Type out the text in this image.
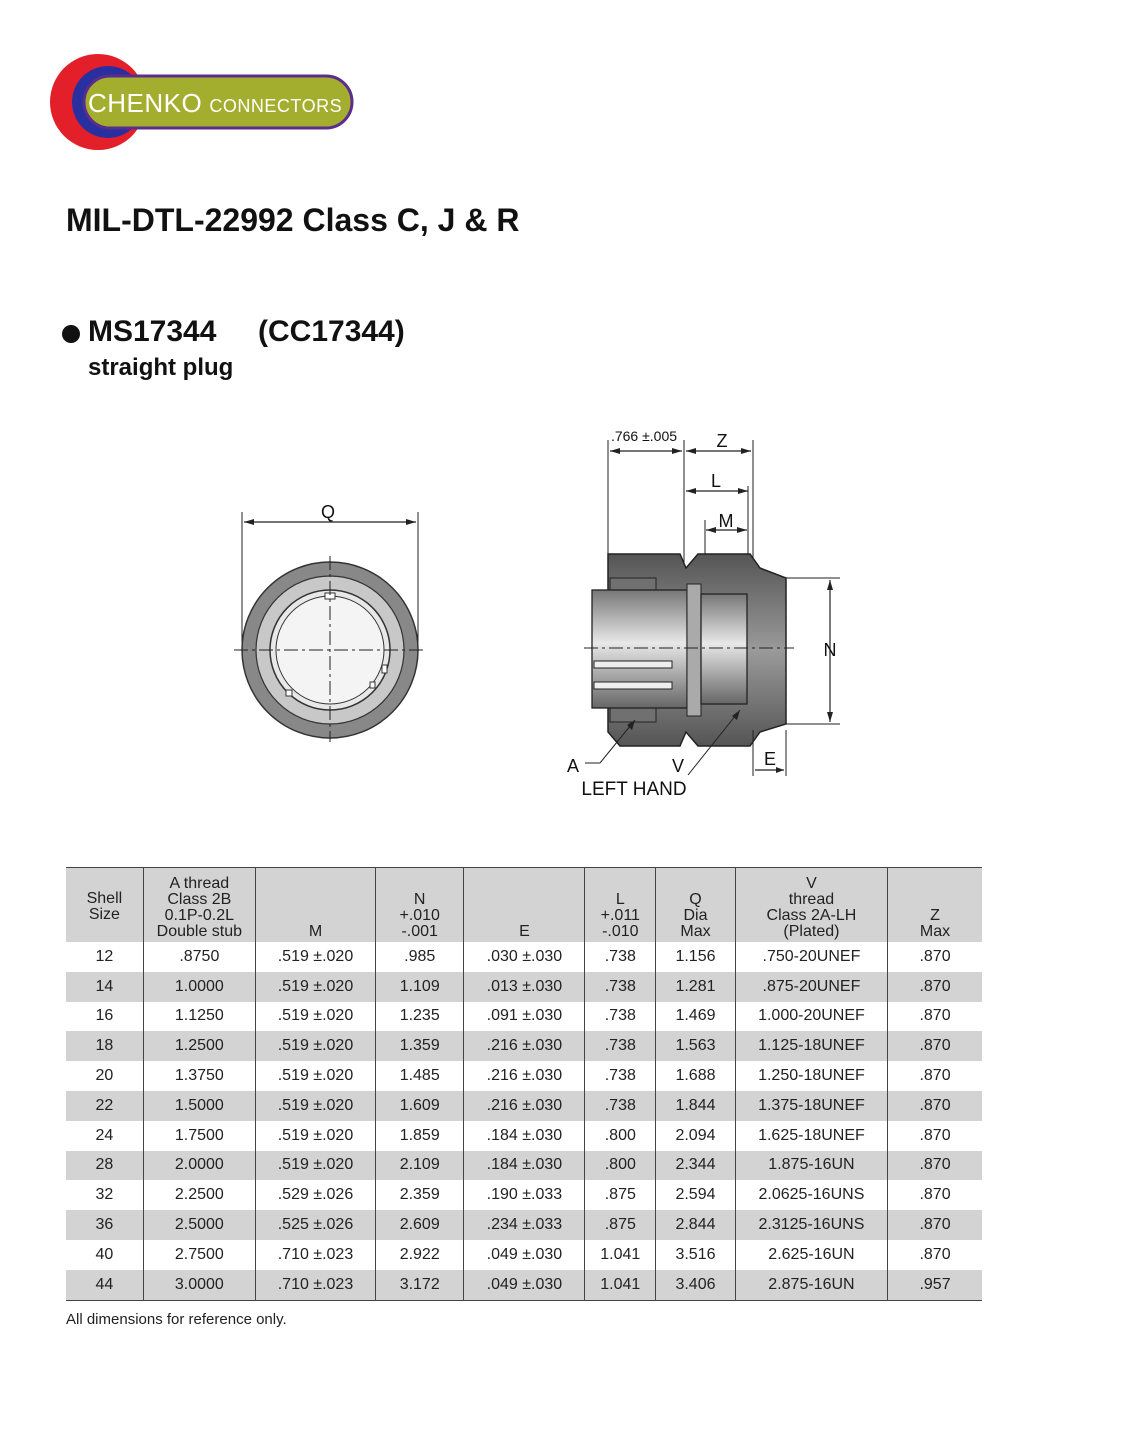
CHENKO CONNECTORS
MIL-DTL-22992 Class C, J & R
MS17344 (CC17344)
straight plug
Q
.766 ±.005 Z
L
M
N
E
A	V
LEFT HAND
Shell
Size	A thread
Class 2B
0.1P-0.2L
Double stub	M	N
+.010
-.001	E	L
+.011
-.010	Q
Dia
Max	V
thread
Class 2A-LH
(Plated)	Z
Max

12	.8750	.519 ±.020	.985	.030 ±.030	.738	1.156	.750-20UNEF	.870
14	1.0000	.519 ±.020	1.109	.013 ±.030	.738	1.281	.875-20UNEF	.870
16	1.1250	.519 ±.020	1.235	.091 ±.030	.738	1.469	1.000-20UNEF	.870
18	1.2500	.519 ±.020	1.359	.216 ±.030	.738	1.563	1.125-18UNEF	.870
20	1.3750	.519 ±.020	1.485	.216 ±.030	.738	1.688	1.250-18UNEF	.870
22	1.5000	.519 ±.020	1.609	.216 ±.030	.738	1.844	1.375-18UNEF	.870
24	1.7500	.519 ±.020	1.859	.184 ±.030	.800	2.094	1.625-18UNEF	.870
28	2.0000	.519 ±.020	2.109	.184 ±.030	.800	2.344	1.875-16UN	.870
32	2.2500	.529 ±.026	2.359	.190 ±.033	.875	2.594	2.0625-16UNS	.870
36	2.5000	.525 ±.026	2.609	.234 ±.033	.875	2.844	2.3125-16UNS	.870
40	2.7500	.710 ±.023	2.922	.049 ±.030	1.041	3.516	2.625-16UN	.870
44	3.0000	.710 ±.023	3.172	.049 ±.030	1.041	3.406	2.875-16UN	.957
All dimensions for reference only.
